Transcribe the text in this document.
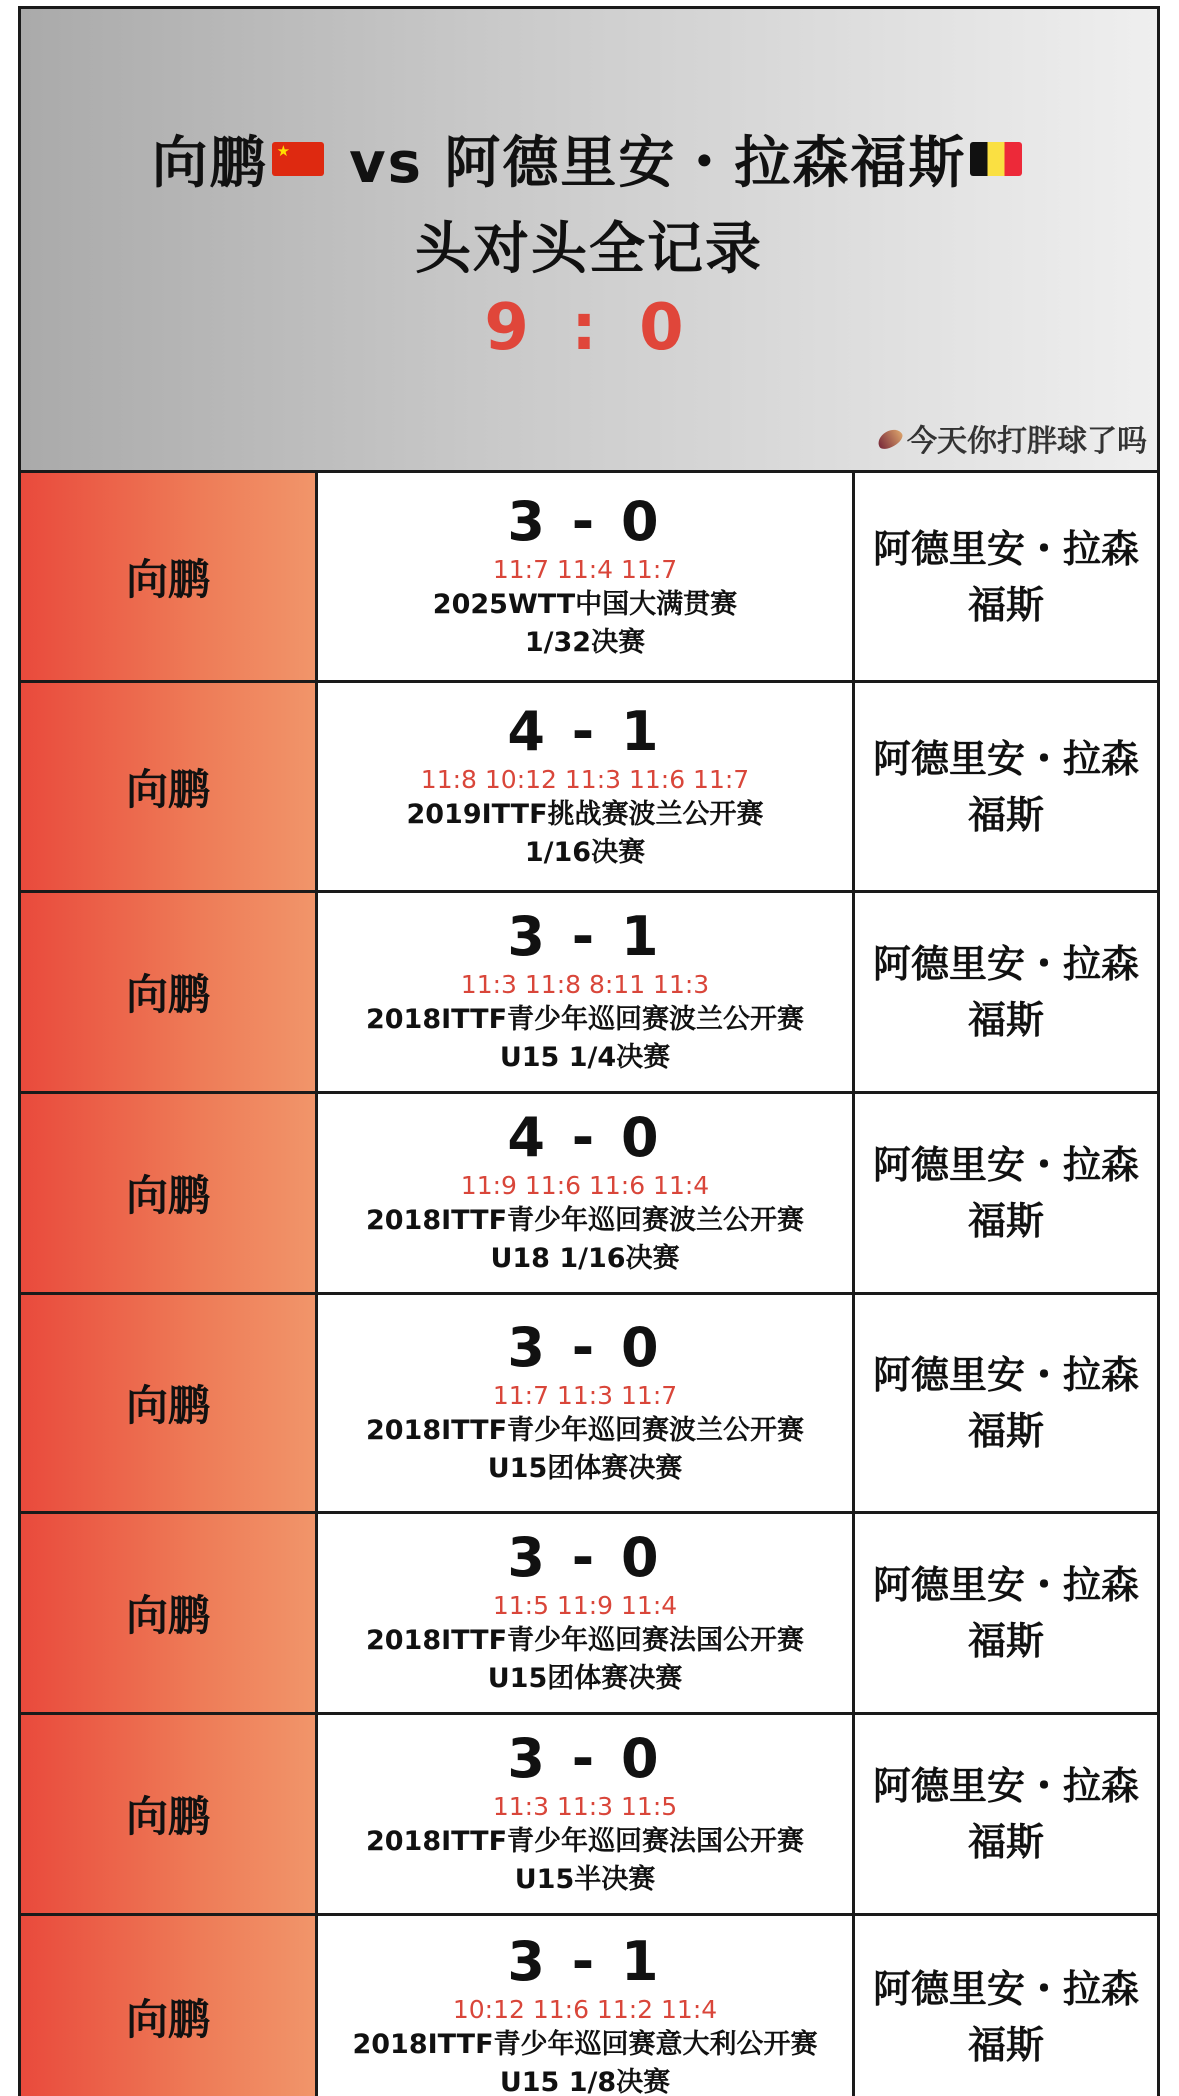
向鹏★ vs 阿德里安・拉森福斯
头对头全记录
9 : 0
今天你打胖球了吗
向鹏
3 - 0
11:7 11:4 11:7
2025WTT中国大满贯赛
1/32决赛
阿德里安・拉森福斯
向鹏
4 - 1
11:8 10:12 11:3 11:6 11:7
2019ITTF挑战赛波兰公开赛
1/16决赛
阿德里安・拉森福斯
向鹏
3 - 1
11:3 11:8 8:11 11:3
2018ITTF青少年巡回赛波兰公开赛
U15 1/4决赛
阿德里安・拉森福斯
向鹏
4 - 0
11:9 11:6 11:6 11:4
2018ITTF青少年巡回赛波兰公开赛
U18 1/16决赛
阿德里安・拉森福斯
向鹏
3 - 0
11:7 11:3 11:7
2018ITTF青少年巡回赛波兰公开赛
U15团体赛决赛
阿德里安・拉森福斯
向鹏
3 - 0
11:5 11:9 11:4
2018ITTF青少年巡回赛法国公开赛
U15团体赛决赛
阿德里安・拉森福斯
向鹏
3 - 0
11:3 11:3 11:5
2018ITTF青少年巡回赛法国公开赛
U15半决赛
阿德里安・拉森福斯
向鹏
3 - 1
10:12 11:6 11:2 11:4
2018ITTF青少年巡回赛意大利公开赛
U15 1/8决赛
阿德里安・拉森福斯
